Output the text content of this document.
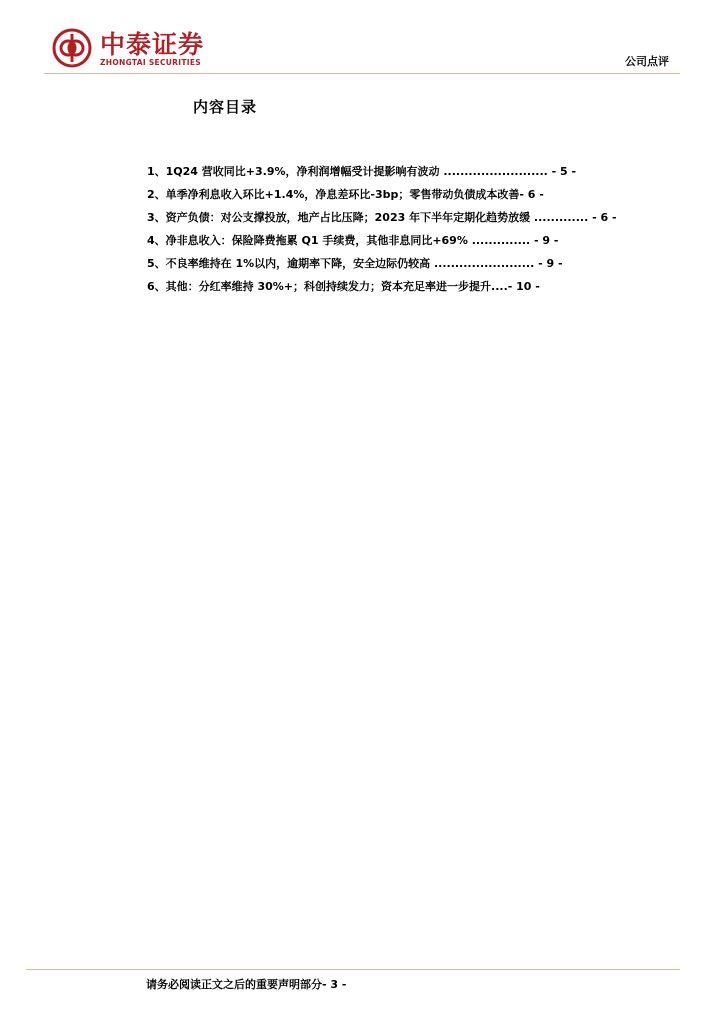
中泰证券
ZHONGTAI SECURITIES	公司点评
内容目录
1、1Q24 营收同比+3.9%，净利润增幅受计提影响有波动 ......................... - 5 -
2、单季净利息收入环比+1.4%，净息差环比-3bp；零售带动负债成本改善- 6 -
3、资产负债：对公支撑投放，地产占比压降；2023 年下半年定期化趋势放缓 ............. - 6 -
4、净非息收入：保险降费拖累 Q1 手续费，其他非息同比+69% .............. - 9 -
5、不良率维持在 1%以内，逾期率下降，安全边际仍较高 ........................ - 9 -
6、其他：分红率维持 30%+；科创持续发力；资本充足率进一步提升....- 10 -
请务必阅读正文之后的重要声明部分- 3 -
